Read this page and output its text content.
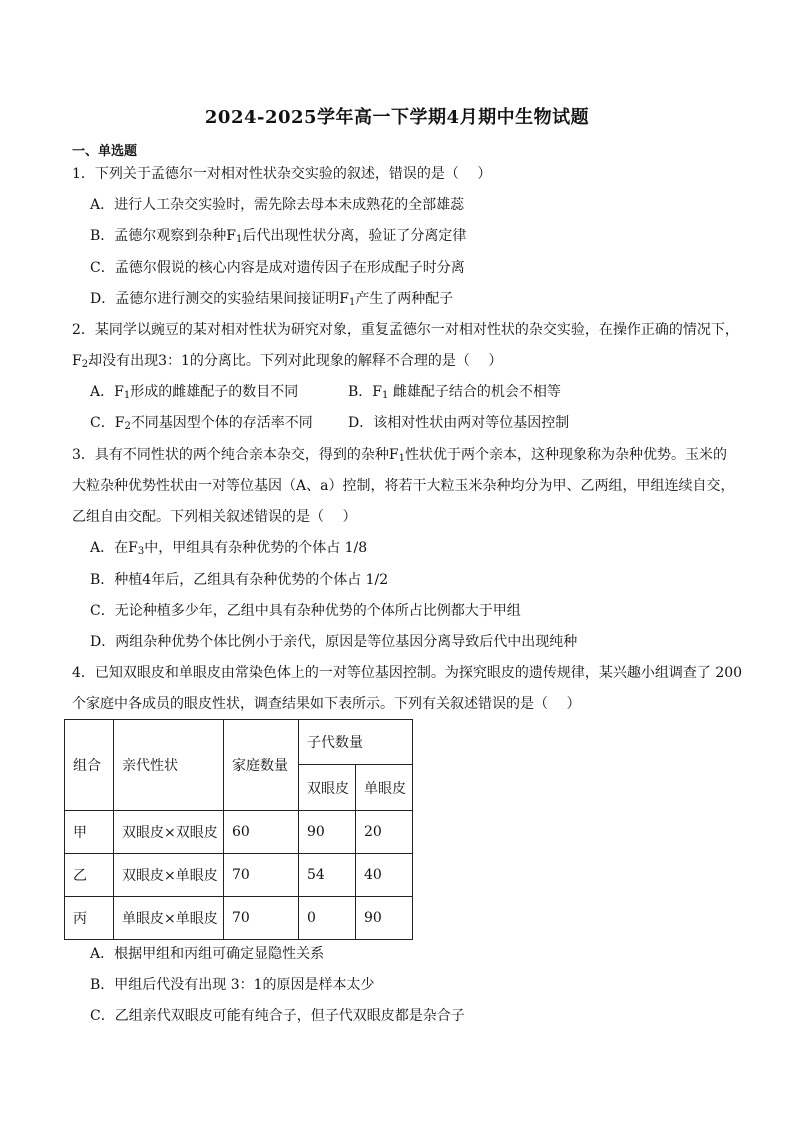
2024-2025学年高一下学期4月期中生物试题
一、单选题
1．下列关于孟德尔一对相对性状杂交实验的叙述，错误的是（　 ）
A．进行人工杂交实验时，需先除去母本未成熟花的全部雄蕊
B．孟德尔观察到杂种$F_1$后代出现性状分离，验证了分离定律
C．孟德尔假说的核心内容是成对遗传因子在形成配子时分离
D．孟德尔进行测交的实验结果间接证明$F_1$产生了两种配子
2．某同学以豌豆的某对相对性状为研究对象，重复孟德尔一对相对性状的杂交实验，在操作正确的情况下，
$F_2$却没有出现3：1的分离比。下列对此现象的解释不合理的是（　 ）
A．$F_1$形成的雌雄配子的数目不同	B．$F_1$ 雌雄配子结合的机会不相等
C．$F_2$不同基因型个体的存活率不同	D．该相对性状由两对等位基因控制
3．具有不同性状的两个纯合亲本杂交，得到的杂种$F_1$性状优于两个亲本，这种现象称为杂种优势。玉米的
大粒杂种优势性状由一对等位基因（A、a）控制，将若干大粒玉米杂种均分为甲、乙两组，甲组连续自交，
乙组自由交配。下列相关叙述错误的是（　 ）
A．在$F_3$中，甲组具有杂种优势的个体占 1/8
B．种植4年后，乙组具有杂种优势的个体占 1/2
C．无论种植多少年，乙组中具有杂种优势的个体所占比例都大于甲组
D．两组杂种优势个体比例小于亲代，原因是等位基因分离导致后代中出现纯种
4．已知双眼皮和单眼皮由常染色体上的一对等位基因控制。为探究眼皮的遗传规律，某兴趣小组调查了 200
个家庭中各成员的眼皮性状，调查结果如下表所示。下列有关叙述错误的是（　 ）
组合	亲代性状	家庭数量	子代数量	
			双眼皮	单眼皮
甲	双眼皮×双眼皮	60	90	20
乙	双眼皮×单眼皮	70	54	40
丙	单眼皮×单眼皮	70	0	90
A．根据甲组和丙组可确定显隐性关系
B．甲组后代没有出现 3：1的原因是样本太少
C．乙组亲代双眼皮可能有纯合子，但子代双眼皮都是杂合子
